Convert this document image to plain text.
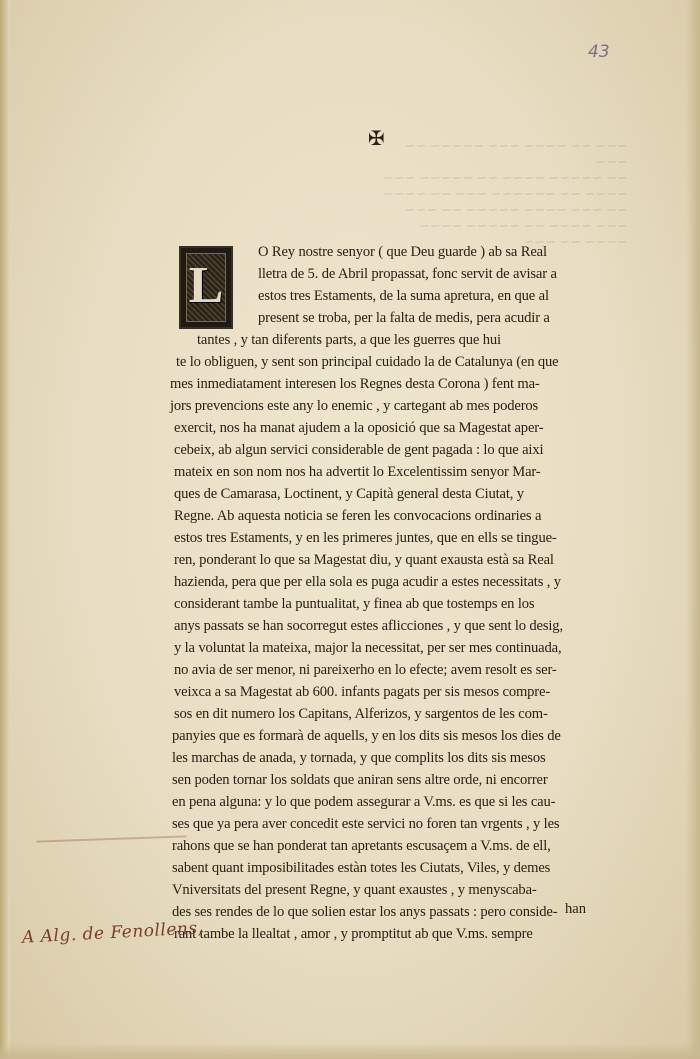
∼∼∼ ∼∼ ∼∼∼∼ ∼∼∼ ∼∼∼∼∼ ∼∼ ∼∼∼
∼∼ ∼∼∼∼∼ ∼∼∼∼ ∼∼ ∼∼∼∼∼ ∼∼∼
∼∼∼∼ ∼∼ ∼∼∼∼∼∼ ∼∼∼ ∼∼ ∼∼∼∼
∼∼ ∼∼∼ ∼∼∼∼ ∼∼∼∼∼ ∼∼ ∼∼∼
∼∼∼ ∼∼∼∼ ∼∼ ∼∼∼∼∼ ∼∼∼∼
∼∼∼∼ ∼∼ ∼∼∼
43
✠
L
O Rey nostre senyor ( que Deu guarde ) ab sa Real
lletra de 5. de Abril propassat, fonc servit de avisar a
estos tres Estaments, de la suma apretura, en que al
present se troba, per la falta de medis, pera acudir a
tantes , y tan diferents parts, a que les guerres que hui
te lo obliguen, y sent son principal cuidado la de Catalunya (en que
mes inmediatament interesen los Regnes desta Corona ) fent ma-
jors prevencions este any lo enemic , y cartegant ab mes poderos
exercit, nos ha manat ajudem a la oposició que sa Magestat aper-
cebeix, ab algun servici considerable de gent pagada : lo que aixi
mateix en son nom nos ha advertit lo Excelentissim senyor Mar-
ques de Camarasa, Loctinent, y Capità general desta Ciutat, y
Regne. Ab aquesta noticia se feren les convocacions ordinaries a
estos tres Estaments, y en les primeres juntes, que en ells se tingue-
ren, ponderant lo que sa Magestat diu, y quant exausta està sa Real
hazienda, pera que per ella sola es puga acudir a estes necessitats , y
considerant tambe la puntualitat, y finea ab que tostemps en los
anys passats se han socorregut estes aflicciones , y que sent lo desig,
y la voluntat la mateixa, major la necessitat, per ser mes continuada,
no avia de ser menor, ni pareixerho en lo efecte; avem resolt es ser-
veixca a sa Magestat ab 600. infants pagats per sis mesos compre-
sos en dit numero los Capitans, Alferizos, y sargentos de les com-
panyies que es formarà de aquells, y en los dits sis mesos los dies de
les marchas de anada, y tornada, y que complits los dits sis mesos
sen poden tornar los soldats que aniran sens altre orde, ni encorrer
en pena alguna: y lo que podem assegurar a V.ms. es que si les cau-
ses que ya pera aver concedit este servici no foren tan vrgents , y les
rahons que se han ponderat tan apretants escusaçem a V.ms. de ell,
sabent quant imposibilitades estàn totes les Ciutats, Viles, y demes
Vniversitats del present Regne, y quant exaustes , y menyscaba-
des ses rendes de lo que solien estar los anys passats : pero conside-
rant tambe la llealtat , amor , y promptitut ab que V.ms. sempre
han
A Alg. de Fenollens,
